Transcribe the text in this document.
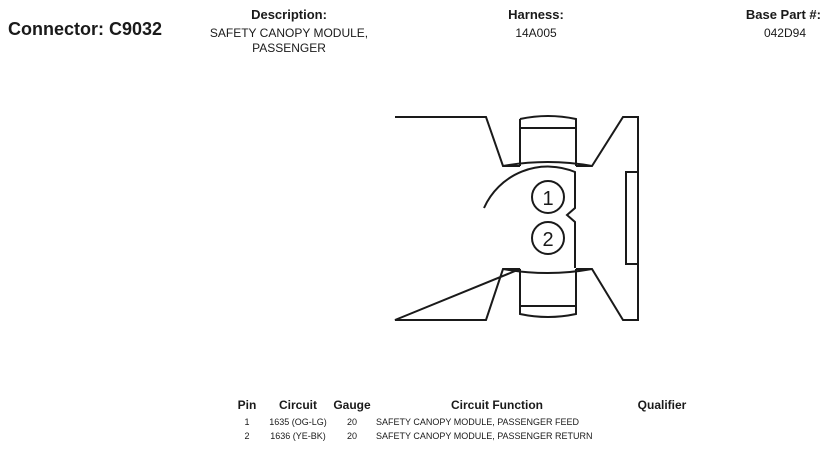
Connector: C9032
Description:
SAFETY CANOPY MODULE,
PASSENGER
Harness:
14A005
Base Part #:
042D94
1
2
Pin	Circuit	Gauge	Circuit Function	Qualifier
1	1635 (OG-LG)	20	SAFETY CANOPY MODULE, PASSENGER FEED	
2	1636 (YE-BK)	20	SAFETY CANOPY MODULE, PASSENGER RETURN	
